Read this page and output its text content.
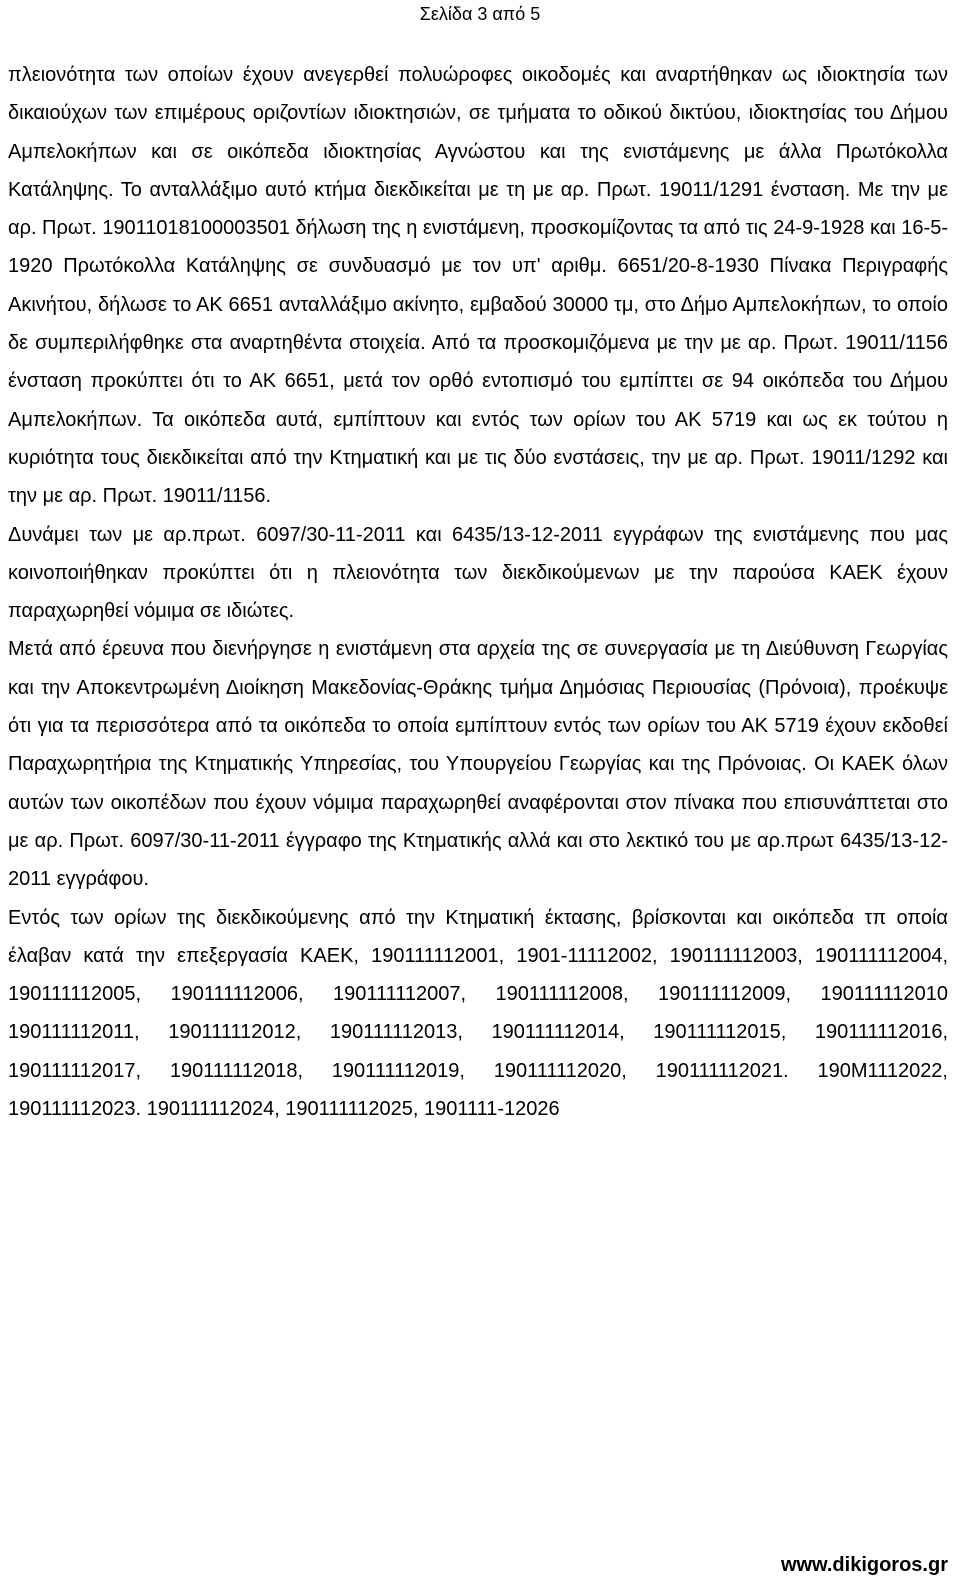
Σελίδα 3 από 5

πλειονότητα των οποίων έχουν ανεγερθεί πολυώροφες οικοδομές και αναρτήθηκαν ως ιδιοκτησία των δικαιούχων των επιμέρους οριζοντίων ιδιοκτησιών, σε τμήματα το οδικού δικτύου, ιδιοκτησίας του Δήμου Αμπελοκήπων και σε οικόπεδα ιδιοκτησίας Αγνώστου και της ενιστάμενης με άλλα Πρωτόκολλα Κατάληψης. Το ανταλλάξιμο αυτό κτήμα διεκδικείται με τη με αρ. Πρωτ. 19011/1291 ένσταση. Με την με αρ. Πρωτ. 19011018100003501 δήλωση της η ενιστάμενη, προσκομίζοντας τα από τις 24-9-1928 και 16-5-1920 Πρωτόκολλα Κατάληψης σε συνδυασμό με τον υπ' αριθμ. 6651/20-8-1930 Πίνακα Περιγραφής Ακινήτου, δήλωσε το ΑΚ 6651 ανταλλάξιμο ακίνητο, εμβαδού 30000 τμ, στο Δήμο Αμπελοκήπων, το οποίο δε συμπεριλήφθηκε στα αναρτηθέντα στοιχεία. Από τα προσκομιζόμενα με την με αρ. Πρωτ. 19011/1156 ένσταση προκύπτει ότι το ΑΚ 6651, μετά τον ορθό εντοπισμό του εμπίπτει σε 94 οικόπεδα του Δήμου Αμπελοκήπων. Τα οικόπεδα αυτά, εμπίπτουν και εντός των ορίων του ΑΚ 5719 και ως εκ τούτου η κυριότητα τους διεκδικείται από την Κτηματική και με τις δύο ενστάσεις, την με αρ. Πρωτ. 19011/1292 και την με αρ. Πρωτ. 19011/1156.

Δυνάμει των με αρ.πρωτ. 6097/30-11-2011 και 6435/13-12-2011 εγγράφων της ενιστάμενης που μας κοινοποιήθηκαν προκύπτει ότι η πλειονότητα των διεκδικούμενων με την παρούσα ΚΑΕΚ έχουν παραχωρηθεί νόμιμα σε ιδιώτες.

Μετά από έρευνα που διενήργησε η ενιστάμενη στα αρχεία της σε συνεργασία με τη Διεύθυνση Γεωργίας και την Αποκεντρωμένη Διοίκηση Μακεδονίας-Θράκης τμήμα Δημόσιας Περιουσίας (Πρόνοια), προέκυψε ότι για τα περισσότερα από τα οικόπεδα το οποία εμπίπτουν εντός των ορίων του ΑΚ 5719 έχουν εκδοθεί Παραχωρητήρια της Κτηματικής Υπηρεσίας, του Υπουργείου Γεωργίας και της Πρόνοιας. Οι ΚΑΕΚ όλων αυτών των οικοπέδων που έχουν νόμιμα παραχωρηθεί αναφέρονται στον πίνακα που επισυνάπτεται στο με αρ. Πρωτ. 6097/30-11-2011 έγγραφο της Κτηματικής αλλά και στο λεκτικό του με αρ.πρωτ 6435/13-12-2011 εγγράφου.

Εντός των ορίων της διεκδικούμενης από την Κτηματική έκτασης, βρίσκονται και οικόπεδα τπ οποία έλαβαν κατά την επεξεργασία ΚΑΕΚ, 190111112001, 1901-11112002, 190111112003, 190111112004, 190111112005, 190111112006, 190111112007, 190111112008, 190111112009, 190111112010 190111112011, 190111112012, 190111112013, 190111112014, 190111112015, 190111112016, 190111112017, 190111112018, 190111112019, 190111112020, 190111112021. 190Μ1112022, 190111112023. 190111112024, 190111112025, 1901111-12026

www.dikigoros.gr
